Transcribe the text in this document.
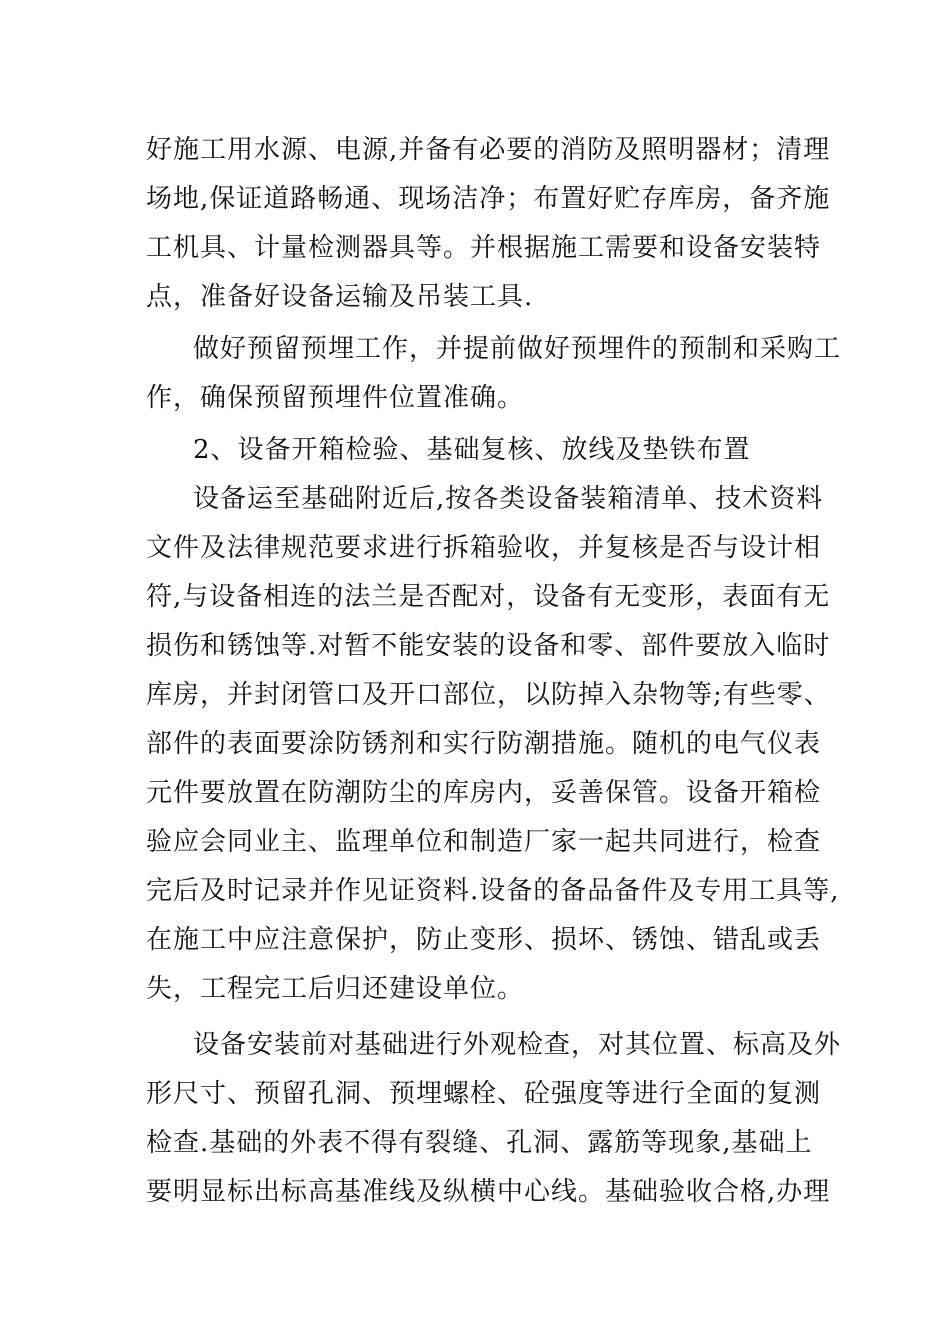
好施工用水源、电源,并备有必要的消防及照明器材；清理
场地,保证道路畅通、现场洁净；布置好贮存库房，备齐施
工机具、计量检测器具等。并根据施工需要和设备安装特
点，准备好设备运输及吊装工具.
做好预留预埋工作，并提前做好预埋件的预制和采购工
作，确保预留预埋件位置准确。
2、设备开箱检验、基础复核、放线及垫铁布置
设备运至基础附近后,按各类设备装箱清单、技术资料
文件及法律规范要求进行拆箱验收，并复核是否与设计相
符,与设备相连的法兰是否配对，设备有无变形，表面有无
损伤和锈蚀等.对暂不能安装的设备和零、部件要放入临时
库房，并封闭管口及开口部位，以防掉入杂物等;有些零、
部件的表面要涂防锈剂和实行防潮措施。随机的电气仪表
元件要放置在防潮防尘的库房内，妥善保管。设备开箱检
验应会同业主、监理单位和制造厂家一起共同进行，检查
完后及时记录并作见证资料.设备的备品备件及专用工具等,
在施工中应注意保护，防止变形、损坏、锈蚀、错乱或丢
失，工程完工后归还建设单位。
设备安装前对基础进行外观检查，对其位置、标高及外
形尺寸、预留孔洞、预埋螺栓、砼强度等进行全面的复测
检查.基础的外表不得有裂缝、孔洞、露筋等现象,基础上
要明显标出标高基准线及纵横中心线。基础验收合格,办理
